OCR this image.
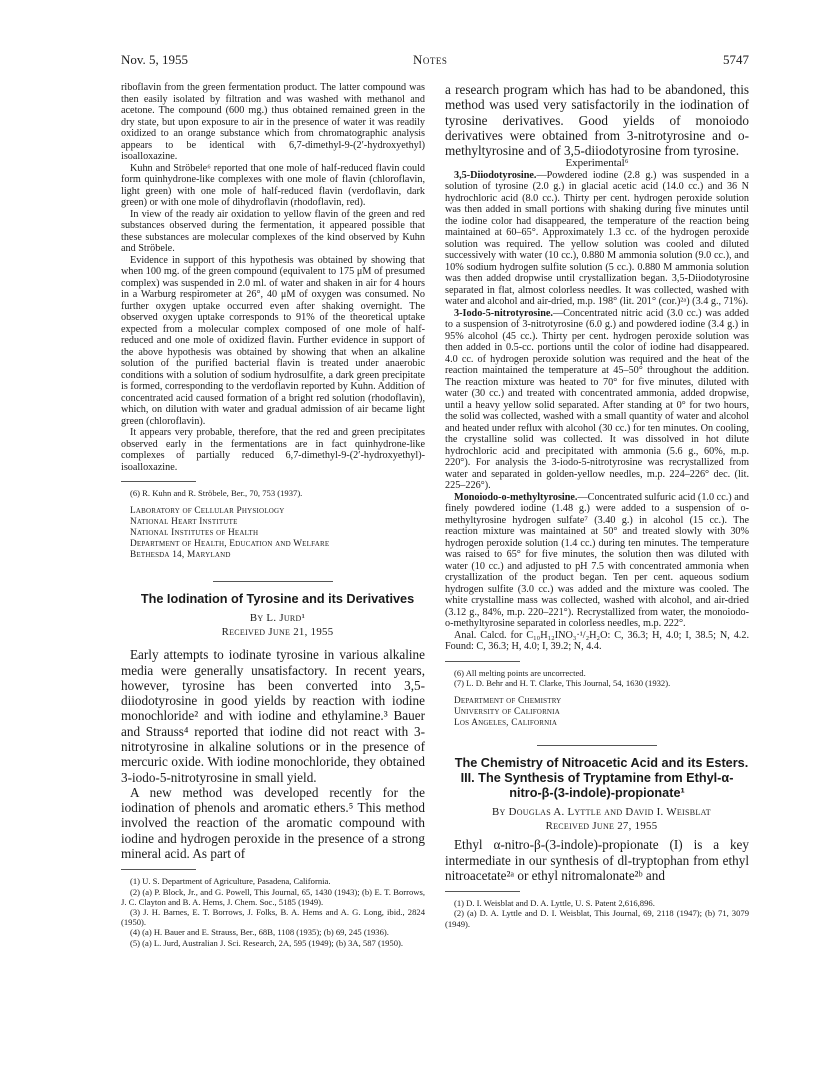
Nov. 5, 1955	Notes	5747

riboflavin from the green fermentation product. The latter compound was then easily isolated by filtration and was washed with methanol and acetone. The compound (600 mg.) thus obtained remained green in the dry state, but upon exposure to air in the presence of water it was readily oxidized to an orange substance which from chromatographic analysis appears to be identical with 6,7-dimethyl-9-(2′-hydroxyethyl) isoalloxazine.

Kuhn and Ströbele⁶ reported that one mole of half-reduced flavin could form quinhydrone-like complexes with one mole of flavin (chloroflavin, light green) with one mole of half-reduced flavin (verdoflavin, dark green) or with one mole of dihydroflavin (rhodoflavin, red).

In view of the ready air oxidation to yellow flavin of the green and red substances observed during the fermentation, it appeared possible that these substances are molecular complexes of the kind observed by Kuhn and Ströbele.

Evidence in support of this hypothesis was obtained by showing that when 100 mg. of the green compound (equivalent to 175 μM of presumed complex) was suspended in 2.0 ml. of water and shaken in air for 4 hours in a Warburg respirometer at 26°, 40 μM of oxygen was consumed. No further oxygen uptake occurred even after shaking overnight. The observed oxygen uptake corresponds to 91% of the theoretical uptake expected from a molecular complex composed of one mole of half-reduced and one mole of oxidized flavin. Further evidence in support of the above hypothesis was obtained by showing that when an alkaline solution of the purified bacterial flavin is treated under anaerobic conditions with a solution of sodium hydrosulfite, a dark green precipitate is formed, corresponding to the verdoflavin reported by Kuhn. Addition of concentrated acid caused formation of a bright red solution (rhodoflavin), which, on dilution with water and gradual admission of air became light green (chloroflavin).

It appears very probable, therefore, that the red and green precipitates observed early in the fermentations are in fact quinhydrone-like complexes of partially reduced 6,7-dimethyl-9-(2′-hydroxyethyl)-isoalloxazine.

(6) R. Kuhn and R. Ströbele, Ber., 70, 753 (1937).

Laboratory of Cellular Physiology

National Heart Institute

National Institutes of Health

Department of Health, Education and Welfare

Bethesda 14, Maryland

The Iodination of Tyrosine and its Derivatives

By L. Jurd¹

Received June 21, 1955

Early attempts to iodinate tyrosine in various alkaline media were generally unsatisfactory. In recent years, however, tyrosine has been converted into 3,5-diiodotyrosine in good yields by reaction with iodine monochloride² and with iodine and ethylamine.³ Bauer and Strauss⁴ reported that iodine did not react with 3-nitrotyrosine in alkaline solutions or in the presence of mercuric oxide. With iodine monochloride, they obtained 3-iodo-5-nitrotyrosine in small yield.

A new method was developed recently for the iodination of phenols and aromatic ethers.⁵ This method involved the reaction of the aromatic compound with iodine and hydrogen peroxide in the presence of a strong mineral acid. As part of

(1) U. S. Department of Agriculture, Pasadena, California.

(2) (a) P. Block, Jr., and G. Powell, This Journal, 65, 1430 (1943); (b) E. T. Borrows, J. C. Clayton and B. A. Hems, J. Chem. Soc., 5185 (1949).

(3) J. H. Barnes, E. T. Borrows, J. Folks, B. A. Hems and A. G. Long, ibid., 2824 (1950).

(4) (a) H. Bauer and E. Strauss, Ber., 68B, 1108 (1935); (b) 69, 245 (1936).

(5) (a) L. Jurd, Australian J. Sci. Research, 2A, 595 (1949); (b) 3A, 587 (1950).

a research program which has had to be abandoned, this method was used very satisfactorily in the iodination of tyrosine derivatives. Good yields of monoiodo derivatives were obtained from 3-nitrotyrosine and o-methyltyrosine and of 3,5-diiodotyrosine from tyrosine.

Experimental⁶

3,5-Diiodotyrosine.—Powdered iodine (2.8 g.) was suspended in a solution of tyrosine (2.0 g.) in glacial acetic acid (14.0 cc.) and 36 N hydrochloric acid (8.0 cc.). Thirty per cent. hydrogen peroxide solution was then added in small portions with shaking during five minutes until the iodine color had disappeared, the temperature of the reaction being maintained at 60–65°. Approximately 1.3 cc. of the hydrogen peroxide solution was required. The yellow solution was cooled and diluted successively with water (10 cc.), 0.880 M ammonia solution (9.0 cc.), and 10% sodium hydrogen sulfite solution (5 cc.). 0.880 M ammonia solution was then added dropwise until crystallization began. 3,5-Diiodotyrosine separated in flat, almost colorless needles. It was collected, washed with water and alcohol and air-dried, m.p. 198° (lit. 201° (cor.)²ᵃ) (3.4 g., 71%).

3-Iodo-5-nitrotyrosine.—Concentrated nitric acid (3.0 cc.) was added to a suspension of 3-nitrotyrosine (6.0 g.) and powdered iodine (3.4 g.) in 95% alcohol (45 cc.). Thirty per cent. hydrogen peroxide solution was then added in 0.5-cc. portions until the color of iodine had disappeared. 4.0 cc. of hydrogen peroxide solution was required and the heat of the reaction maintained the temperature at 45–50° throughout the addition. The reaction mixture was heated to 70° for five minutes, diluted with water (30 cc.) and treated with concentrated ammonia, added dropwise, until a heavy yellow solid separated. After standing at 0° for two hours, the solid was collected, washed with a small quantity of water and alcohol and heated under reflux with alcohol (30 cc.) for ten minutes. On cooling, the crystalline solid was collected. It was dissolved in hot dilute hydrochloric acid and precipitated with ammonia (5.6 g., 60%, m.p. 220°). For analysis the 3-iodo-5-nitrotyrosine was recrystallized from water and separated in golden-yellow needles, m.p. 224–226° dec. (lit. 225–226°).

Monoiodo-o-methyltyrosine.—Concentrated sulfuric acid (1.0 cc.) and finely powdered iodine (1.48 g.) were added to a suspension of o-methyltyrosine hydrogen sulfate⁷ (3.40 g.) in alcohol (15 cc.). The reaction mixture was maintained at 50° and treated slowly with 30% hydrogen peroxide solution (1.4 cc.) during ten minutes. The temperature was raised to 65° for five minutes, the solution then was diluted with water (10 cc.) and adjusted to pH 7.5 with concentrated ammonia when crystallization of the product began. Ten per cent. aqueous sodium hydrogen sulfite (3.0 cc.) was added and the mixture was cooled. The white crystalline mass was collected, washed with alcohol, and air-dried (3.12 g., 84%, m.p. 220–221°). Recrystallized from water, the monoiodo-o-methyltyrosine separated in colorless needles, m.p. 222°.

Anal. Calcd. for C₁₀H₁₂INO₃·¹/₂H₂O: C, 36.3; H, 4.0; I, 38.5; N, 4.2. Found: C, 36.3; H, 4.0; I, 39.2; N, 4.4.

(6) All melting points are uncorrected.

(7) L. D. Behr and H. T. Clarke, This Journal, 54, 1630 (1932).

Department of Chemistry

University of California

Los Angeles, California

The Chemistry of Nitroacetic Acid and its Esters. III. The Synthesis of Tryptamine from Ethyl-α-nitro-β-(3-indole)-propionate¹

By Douglas A. Lyttle and David I. Weisblat

Received June 27, 1955

Ethyl α-nitro-β-(3-indole)-propionate (I) is a key intermediate in our synthesis of dl-tryptophan from ethyl nitroacetate²ᵃ or ethyl nitromalonate²ᵇ and

(1) D. I. Weisblat and D. A. Lyttle, U. S. Patent 2,616,896.

(2) (a) D. A. Lyttle and D. I. Weisblat, This Journal, 69, 2118 (1947); (b) 71, 3079 (1949).
